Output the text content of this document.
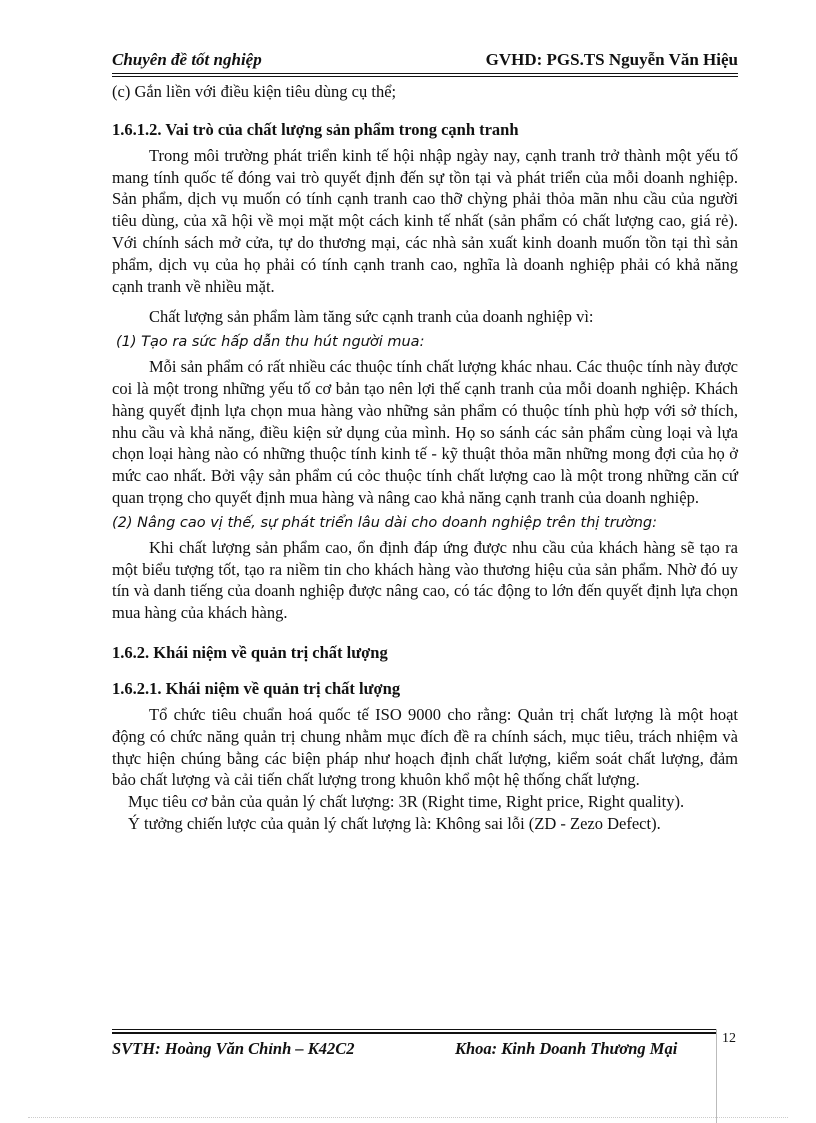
Chuyên đề tốt nghiệp	GVHD: PGS.TS Nguyễn Văn Hiệu

(c) Gắn liền với điều kiện tiêu dùng cụ thể;

1.6.1.2. Vai trò của chất lượng sản phẩm trong cạnh tranh

Trong môi trường phát triển kinh tế hội nhập ngày nay, cạnh tranh trở thành một yếu tố mang tính quốc tế đóng vai trò quyết định đến sự tồn tại và phát triển của mỗi doanh nghiệp. Sản phẩm, dịch vụ muốn có tính cạnh tranh cao thỡ chỳng phải thỏa mãn nhu cầu của người tiêu dùng, của xã hội về mọi mặt một cách kinh tế nhất (sản phẩm có chất lượng cao, giá rẻ). Với chính sách mở cửa, tự do thương mại, các nhà sản xuất kinh doanh muốn tồn tại thì sản phẩm, dịch vụ của họ phải có tính cạnh tranh cao, nghĩa là doanh nghiệp phải có khả năng cạnh tranh về nhiều mặt.

Chất lượng sản phẩm làm tăng sức cạnh tranh của doanh nghiệp vì:

(1) Tạo ra sức hấp dẫn thu hút người mua:

Mỗi sản phẩm có rất nhiều các thuộc tính chất lượng khác nhau. Các thuộc tính này được coi là một trong những yếu tố cơ bản tạo nên lợi thế cạnh tranh của mỗi doanh nghiệp. Khách hàng quyết định lựa chọn mua hàng vào những sản phẩm có thuộc tính phù hợp với sở thích, nhu cầu và khả năng, điều kiện sử dụng của mình. Họ so sánh các sản phẩm cùng loại và lựa chọn loại hàng nào có những thuộc tính kinh tế - kỹ thuật thỏa mãn những mong đợi của họ ở mức cao nhất. Bởi vậy sản phẩm cú cỏc thuộc tính chất lượng cao là một trong những căn cứ quan trọng cho quyết định mua hàng và nâng cao khả năng cạnh tranh của doanh nghiệp.

(2) Nâng cao vị thế, sự phát triển lâu dài cho doanh nghiệp trên thị trường:

Khi chất lượng sản phẩm cao, ổn định đáp ứng được nhu cầu của khách hàng sẽ tạo ra một biểu tượng tốt, tạo ra niềm tin cho khách hàng vào thương hiệu của sản phẩm. Nhờ đó uy tín và danh tiếng của doanh nghiệp được nâng cao, có tác động to lớn đến quyết định lựa chọn mua hàng của khách hàng.

1.6.2. Khái niệm về quản trị chất lượng
1.6.2.1. Khái niệm về quản trị chất lượng

Tổ chức tiêu chuẩn hoá quốc tế ISO 9000 cho rằng: Quản trị chất lượng là một hoạt động có chức năng quản trị chung nhằm mục đích đề ra chính sách, mục tiêu, trách nhiệm và thực hiện chúng bằng các biện pháp như hoạch định chất lượng, kiểm soát chất lượng, đảm bảo chất lượng và cải tiến chất lượng trong khuôn khổ một hệ thống chất lượng.

Mục tiêu cơ bản của quản lý chất lượng: 3R (Right time, Right price, Right quality).

Ý tưởng chiến lược của quản lý chất lượng là: Không sai lỗi (ZD - Zezo Defect).

SVTH: Hoàng Văn Chỉnh – K42C2	Khoa: Kinh Doanh Thương Mại
12
